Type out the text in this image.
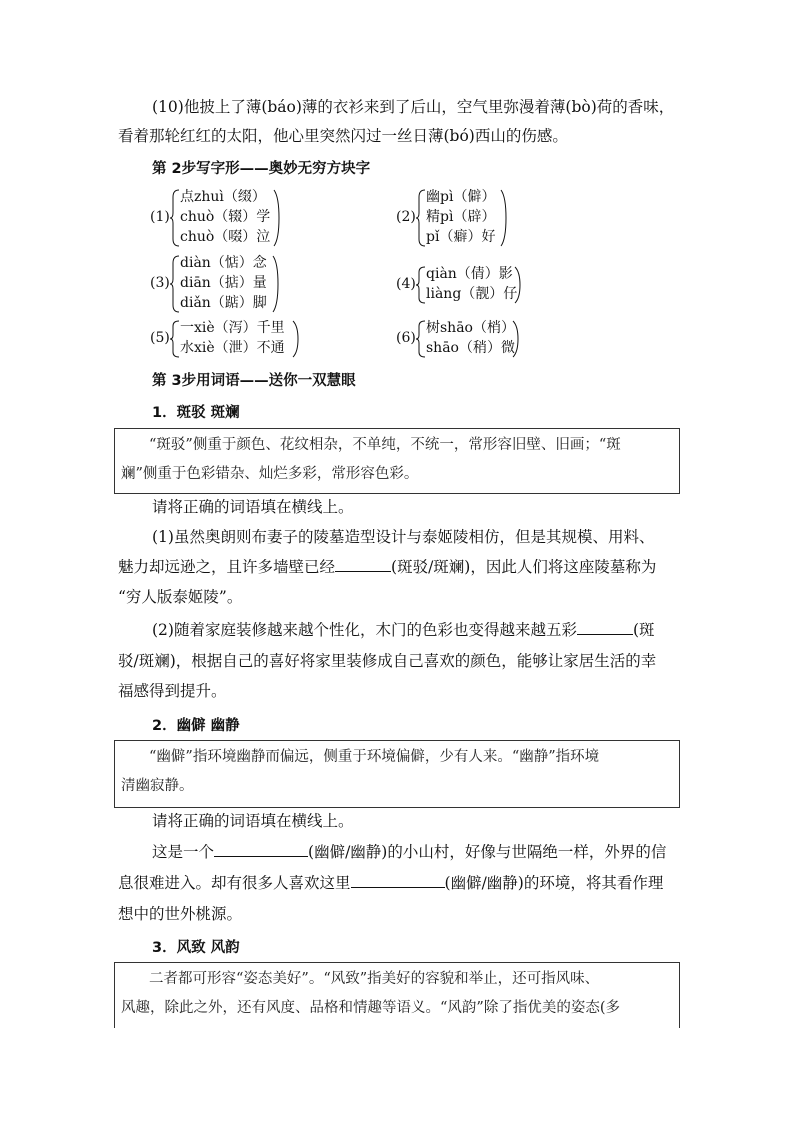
(10)他披上了薄(báo)薄的衣衫来到了后山，空气里弥漫着薄(bò)荷的香味，
看着那轮红红的太阳，他心里突然闪过一丝日薄(bó)西山的伤感。
第 2步写字形——奥妙无穷方块字
(1)
点zhuì（缀）
chuò（辍）学
chuò（啜）泣
(2)
幽pì（僻）
精pì（辟）
pǐ（癖）好
(3)
diàn（惦）念
diān（掂）量
diǎn（踮）脚
(4)
qiàn（倩）影
liàng（靓）仔
(5)
一xiè（泻）千里
水xiè（泄）不通
(6)
树shāo（梢）
shāo（稍）微
第 3步用词语——送你一双慧眼
1．斑驳 斑斓
“斑驳”侧重于颜色、花纹相杂，不单纯，不统一，常形容旧壁、旧画；“斑
斓”侧重于色彩错杂、灿烂多彩，常形容色彩。
请将正确的词语填在横线上。
(1)虽然奥朗则布妻子的陵墓造型设计与泰姬陵相仿，但是其规模、用料、
魅力却远逊之，且许多墙壁已经	(斑驳/斑斓)，因此人们将这座陵墓称为
“穷人版泰姬陵”。
(2)随着家庭装修越来越个性化，木门的色彩也变得越来越五彩	(斑
驳/斑斓)，根据自己的喜好将家里装修成自己喜欢的颜色，能够让家居生活的幸
福感得到提升。
2．幽僻 幽静
“幽僻”指环境幽静而偏远，侧重于环境偏僻，少有人来。“幽静”指环境
清幽寂静。
请将正确的词语填在横线上。
这是一个	(幽僻/幽静)的小山村，好像与世隔绝一样，外界的信
息很难进入。却有很多人喜欢这里	(幽僻/幽静)的环境，将其看作理
想中的世外桃源。
3．风致 风韵
二者都可形容“姿态美好”。“风致”指美好的容貌和举止，还可指风味、
风趣，除此之外，还有风度、品格和情趣等语义。“风韵”除了指优美的姿态(多
